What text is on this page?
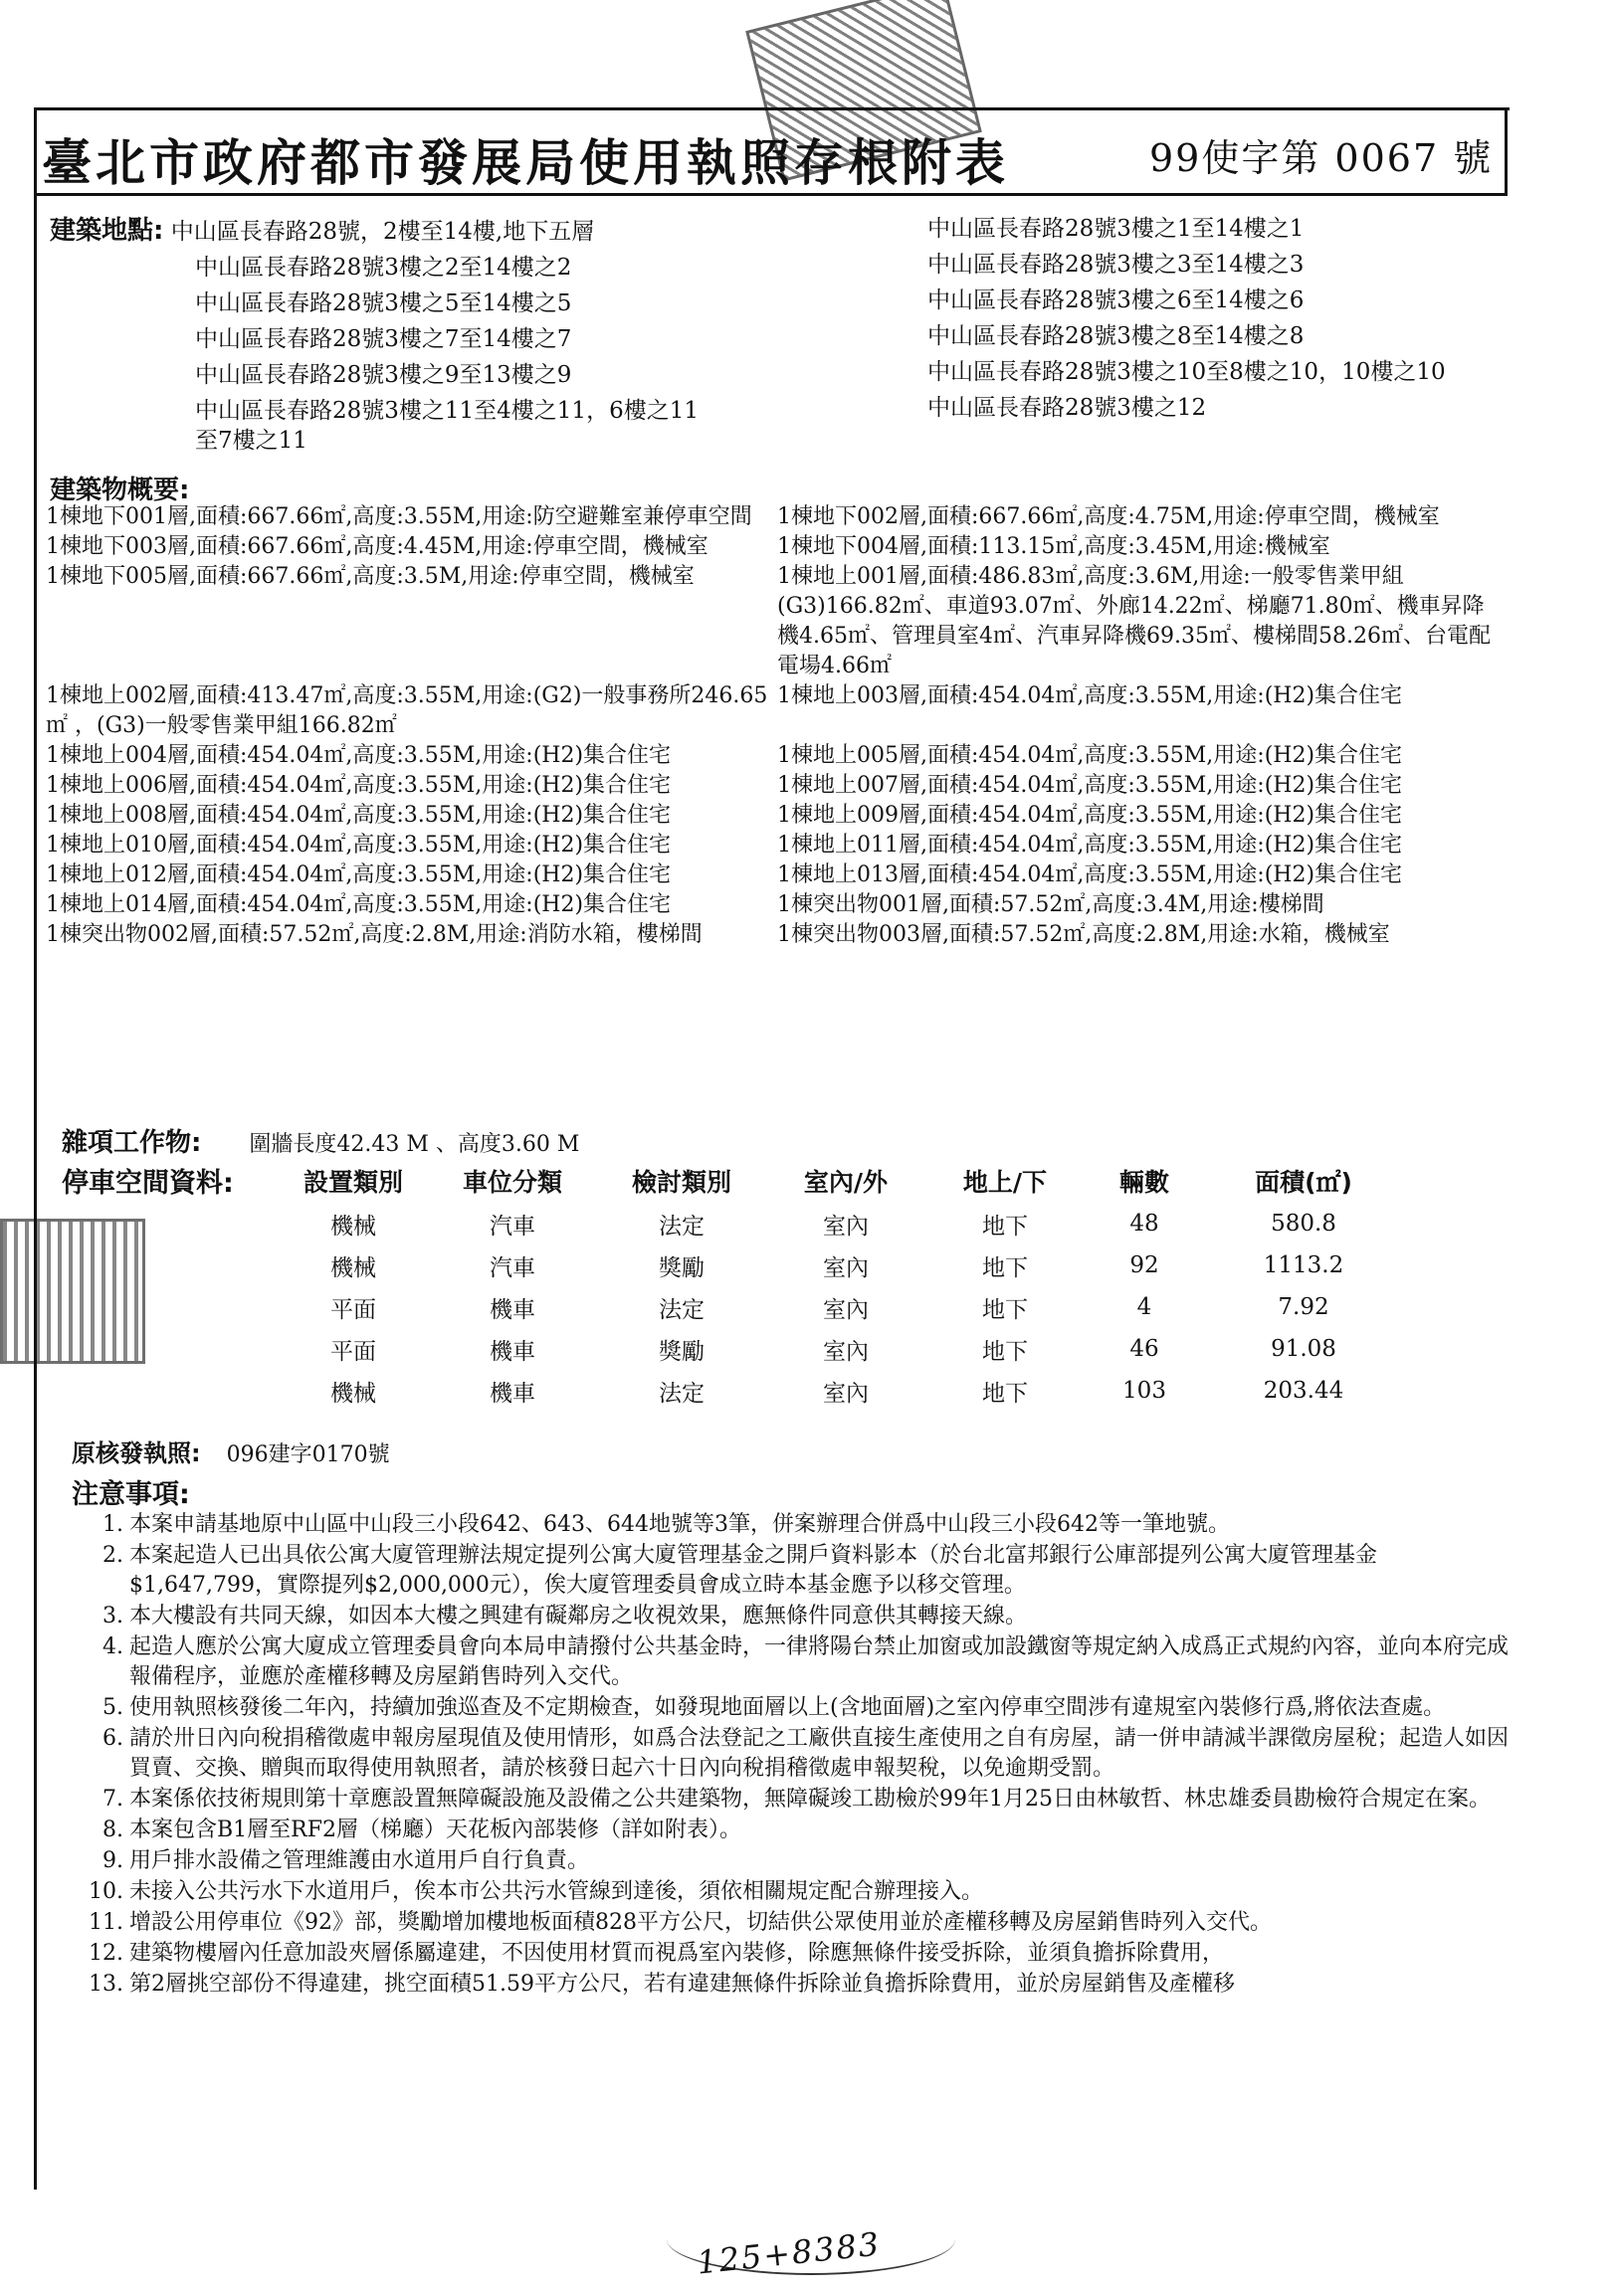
臺北市政府都市發展局使用執照存根附表	99使字第 0067 號
建築地點: 中山區長春路28號，2樓至14樓,地下五層
中山區長春路28號3樓之2至14樓之2
中山區長春路28號3樓之5至14樓之5
中山區長春路28號3樓之7至14樓之7
中山區長春路28號3樓之9至13樓之9
中山區長春路28號3樓之11至4樓之11，6樓之11
至7樓之11
中山區長春路28號3樓之1至14樓之1
中山區長春路28號3樓之3至14樓之3
中山區長春路28號3樓之6至14樓之6
中山區長春路28號3樓之8至14樓之8
中山區長春路28號3樓之10至8樓之10，10樓之10
中山區長春路28號3樓之12
建築物概要:
1棟地下001層,面積:667.66㎡,高度:3.55M,用途:防空避難室兼停車空間	1棟地下002層,面積:667.66㎡,高度:4.75M,用途:停車空間，機械室
1棟地下003層,面積:667.66㎡,高度:4.45M,用途:停車空間，機械室	1棟地下004層,面積:113.15㎡,高度:3.45M,用途:機械室
1棟地下005層,面積:667.66㎡,高度:3.5M,用途:停車空間，機械室	1棟地上001層,面積:486.83㎡,高度:3.6M,用途:一般零售業甲組(G3)166.82㎡、車道93.07㎡、外廊14.22㎡、梯廳71.80㎡、機車昇降機4.65㎡、管理員室4㎡、汽車昇降機69.35㎡、樓梯間58.26㎡、台電配電場4.66㎡
1棟地上002層,面積:413.47㎡,高度:3.55M,用途:(G2)一般事務所246.65㎡ ，(G3)一般零售業甲組166.82㎡
1棟地上003層,面積:454.04㎡,高度:3.55M,用途:(H2)集合住宅
1棟地上004層,面積:454.04㎡,高度:3.55M,用途:(H2)集合住宅	1棟地上005層,面積:454.04㎡,高度:3.55M,用途:(H2)集合住宅
1棟地上006層,面積:454.04㎡,高度:3.55M,用途:(H2)集合住宅	1棟地上007層,面積:454.04㎡,高度:3.55M,用途:(H2)集合住宅
1棟地上008層,面積:454.04㎡,高度:3.55M,用途:(H2)集合住宅	1棟地上009層,面積:454.04㎡,高度:3.55M,用途:(H2)集合住宅
1棟地上010層,面積:454.04㎡,高度:3.55M,用途:(H2)集合住宅	1棟地上011層,面積:454.04㎡,高度:3.55M,用途:(H2)集合住宅
1棟地上012層,面積:454.04㎡,高度:3.55M,用途:(H2)集合住宅	1棟地上013層,面積:454.04㎡,高度:3.55M,用途:(H2)集合住宅
1棟地上014層,面積:454.04㎡,高度:3.55M,用途:(H2)集合住宅	1棟突出物001層,面積:57.52㎡,高度:3.4M,用途:樓梯間
1棟突出物002層,面積:57.52㎡,高度:2.8M,用途:消防水箱，樓梯間	1棟突出物003層,面積:57.52㎡,高度:2.8M,用途:水箱，機械室
雜項工作物: 圍牆長度42.43 M 、高度3.60 M
停車空間資料:	設置類別	車位分類	檢討類別	室內/外	地上/下	輛數	面積(㎡)
機械	汽車	法定	室內	地下	48	580.8
機械	汽車	獎勵	室內	地下	92	1113.2
平面	機車	法定	室內	地下	4	7.92
平面	機車	獎勵	室內	地下	46	91.08
機械	機車	法定	室內	地下	103	203.44
原核發執照: 096建字0170號
注意事項:
1. 本案申請基地原中山區中山段三小段642、643、644地號等3筆，併案辦理合併爲中山段三小段642等一筆地號。
2. 本案起造人已出具依公寓大廈管理辦法規定提列公寓大廈管理基金之開戶資料影本（於台北富邦銀行公庫部提列公寓大廈管理基金$1,647,799，實際提列$2,000,000元），俟大廈管理委員會成立時本基金應予以移交管理。
3. 本大樓設有共同天線，如因本大樓之興建有礙鄰房之收視效果，應無條件同意供其轉接天線。
4. 起造人應於公寓大廈成立管理委員會向本局申請撥付公共基金時，一律將陽台禁止加窗或加設鐵窗等規定納入成爲正式規約內容，並向本府完成報備程序，並應於產權移轉及房屋銷售時列入交代。
5. 使用執照核發後二年內，持續加強巡查及不定期檢查，如發現地面層以上(含地面層)之室內停車空間涉有違規室內裝修行爲,將依法查處。
6. 請於卅日內向稅捐稽徵處申報房屋現值及使用情形，如爲合法登記之工廠供直接生產使用之自有房屋，請一併申請減半課徵房屋稅；起造人如因買賣、交換、贈與而取得使用執照者，請於核發日起六十日內向稅捐稽徵處申報契稅，以免逾期受罰。
7. 本案係依技術規則第十章應設置無障礙設施及設備之公共建築物，無障礙竣工勘檢於99年1月25日由林敏哲、林忠雄委員勘檢符合規定在案。
8. 本案包含B1層至RF2層（梯廳）天花板內部裝修（詳如附表）。
9. 用戶排水設備之管理維護由水道用戶自行負責。
10. 未接入公共污水下水道用戶，俟本市公共污水管線到達後，須依相關規定配合辦理接入。
11. 增設公用停車位《92》部，獎勵增加樓地板面積828平方公尺，切結供公眾使用並於產權移轉及房屋銷售時列入交代。
12. 建築物樓層內任意加設夾層係屬違建，不因使用材質而視爲室內裝修，除應無條件接受拆除，並須負擔拆除費用，
13. 第2層挑空部份不得違建，挑空面積51.59平方公尺，若有違建無條件拆除並負擔拆除費用，並於房屋銷售及產權移
125+8383
